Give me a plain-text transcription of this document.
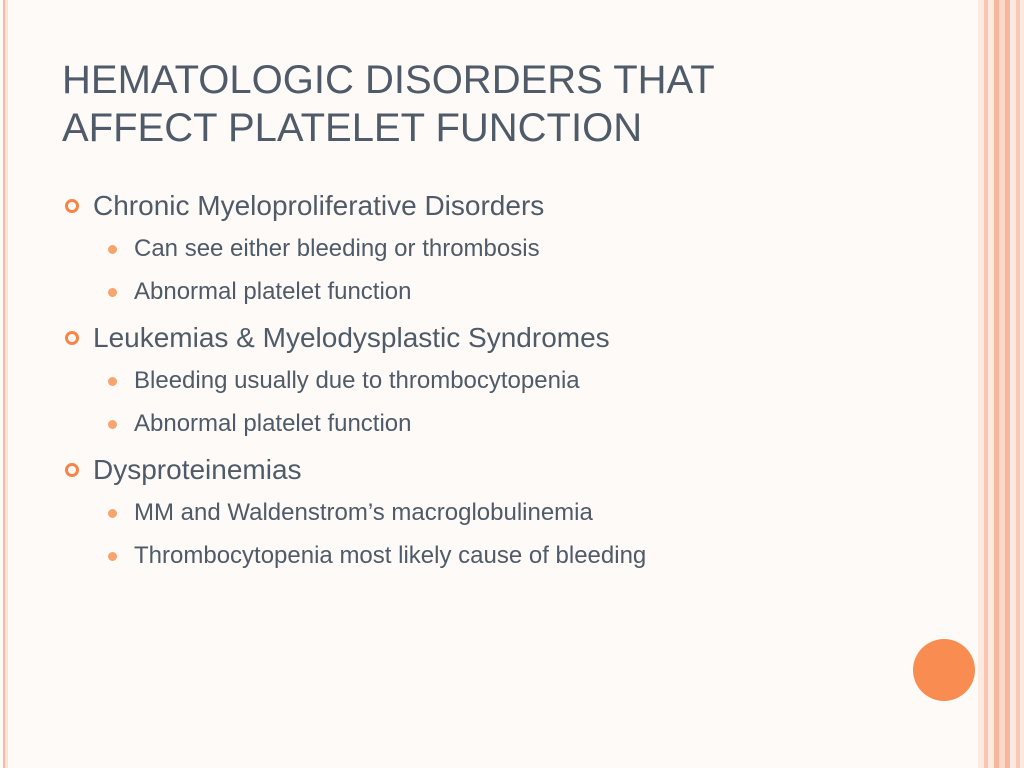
HEMATOLOGIC DISORDERS THAT
AFFECT PLATELET FUNCTION
Chronic Myeloproliferative Disorders
Can see either bleeding or thrombosis
Abnormal platelet function
Leukemias & Myelodysplastic Syndromes
Bleeding usually due to thrombocytopenia
Abnormal platelet function
Dysproteinemias
MM and Waldenstrom’s macroglobulinemia
Thrombocytopenia most likely cause of bleeding
